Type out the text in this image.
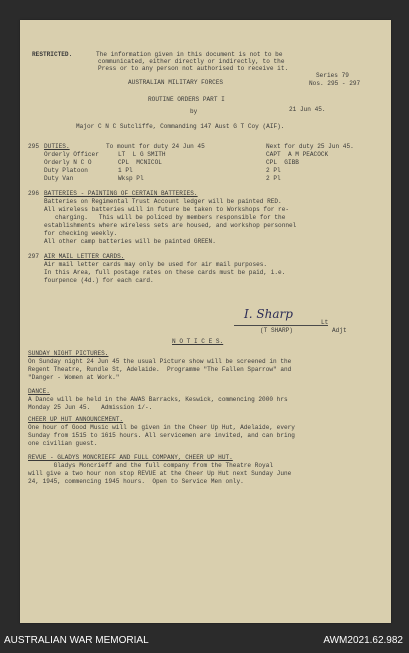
RESTRICTED.	The information given in this document is not to be
communicated, either directly or indirectly, to the
Press or to any person not authorised to receive it.
Series 79
AUSTRALIAN MILITARY FORCES	Nos. 295 - 297
ROUTINE ORDERS PART I
by	21 Jun 45.
Major C N C Sutcliffe, Commanding 147 Aust G T Coy (AIF).
295 DUTIES.	To mount for duty 24 Jun 45	Next for duty 25 Jun 45.
Orderly Officer	LT  L G SMITH	CAPT  A M PEACOCK
Orderly N C O	CPL  MCNICOL	CPL  GIBB
Duty Platoon	1 Pl	2 Pl
Duty Van	Wksp Pl	2 Pl
296 BATTERIES - PAINTING OF CERTAIN BATTERIES.
Batteries on Regimental Trust Account ledger will be painted RED.
All wireless batteries will in future be taken to Workshops for re-
charging.   This will be policed by members responsible for the
establishments where wireless sets are housed, and workshop personnel
for checking weekly.
All other camp batteries will be painted GREEN.
297 AIR MAIL LETTER CARDS.
Air mail letter cards may only be used for air mail purposes.
In this Area, full postage rates on these cards must be paid, i.e.
fourpence (4d.) for each card.
I. Sharp
Lt
(T SHARP)	Adjt
N O T I C E S.
SUNDAY NIGHT PICTURES.
On Sunday night 24 Jun 45 the usual Picture show will be screened in the
Regent Theatre, Rundle St, Adelaide.  Programme "The Fallen Sparrow" and
"Danger - Women at Work."
DANCE.
A Dance will be held in the AWAS Barracks, Keswick, commencing 2000 hrs
Monday 25 Jun 45.   Admission 1/-.
CHEER UP HUT ANNOUNCEMENT.
One hour of Good Music will be given in the Cheer Up Hut, Adelaide, every
Sunday from 1515 to 1615 hours. All servicemen are invited, and can bring
one civilian guest.
REVUE - GLADYS MONCRIEFF AND FULL COMPANY, CHEER UP HUT.
Gladys Moncrieff and the full company from the Theatre Royal
will give a two hour non stop REVUE at the Cheer Up Hut next Sunday June
24, 1945, commencing 1945 hours.  Open to Service Men only.
AUSTRALIAN WAR MEMORIAL	AWM2021.62.982
